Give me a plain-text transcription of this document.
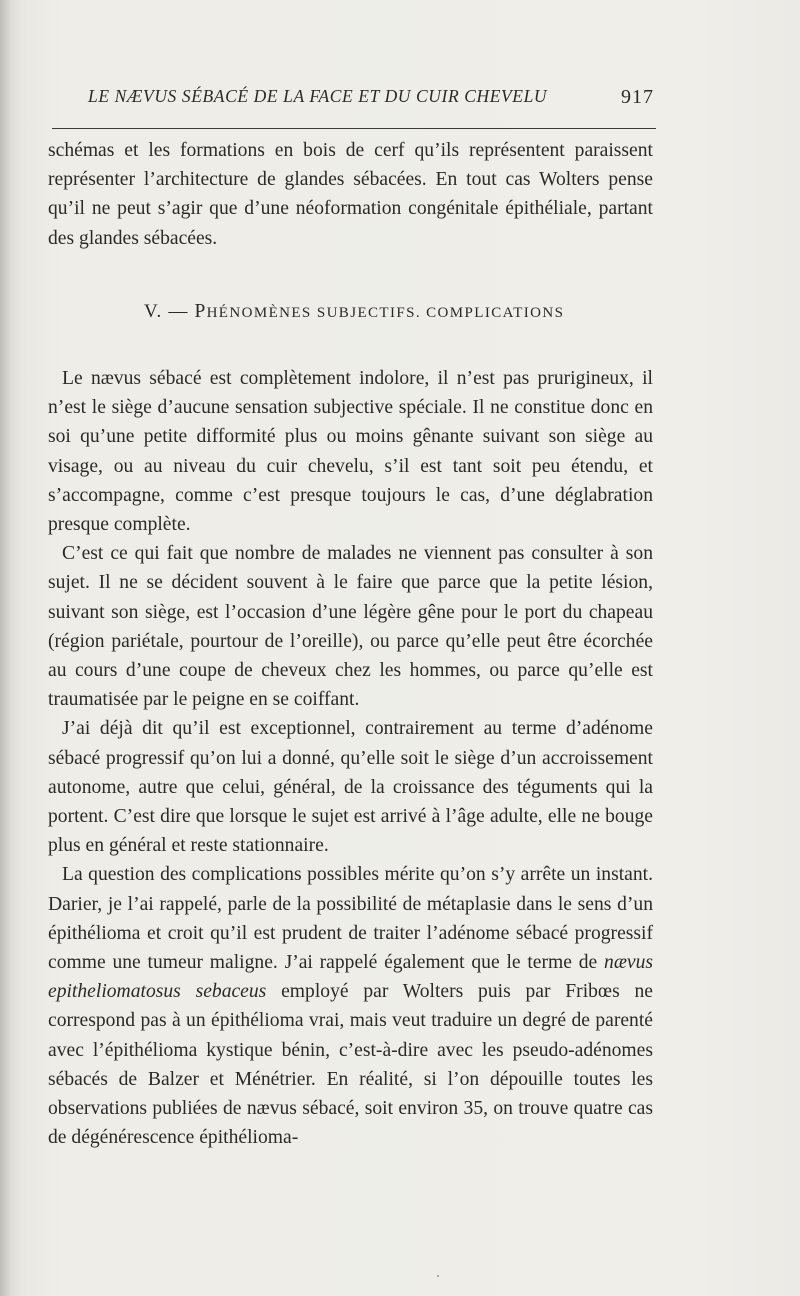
LE NÆVUS SÉBACÉ DE LA FACE ET DU CUIR CHEVELU	917

schémas et les formations en bois de cerf qu’ils représentent paraissent représenter l’architecture de glandes sébacées. En tout cas Wolters pense qu’il ne peut s’agir que d’une néoformation congénitale épithéliale, partant des glandes sébacées.

V. — PHÉNOMÈNES SUBJECTIFS. COMPLICATIONS

Le nævus sébacé est complètement indolore, il n’est pas prurigineux, il n’est le siège d’aucune sensation subjective spéciale. Il ne constitue donc en soi qu’une petite difformité plus ou moins gênante suivant son siège au visage, ou au niveau du cuir chevelu, s’il est tant soit peu étendu, et s’accompagne, comme c’est presque toujours le cas, d’une déglabration presque complète.

C’est ce qui fait que nombre de malades ne viennent pas consulter à son sujet. Il ne se décident souvent à le faire que parce que la petite lésion, suivant son siège, est l’occasion d’une légère gêne pour le port du chapeau (région pariétale, pourtour de l’oreille), ou parce qu’elle peut être écorchée au cours d’une coupe de cheveux chez les hommes, ou parce qu’elle est traumatisée par le peigne en se coiffant.

J’ai déjà dit qu’il est exceptionnel, contrairement au terme d’adénome sébacé progressif qu’on lui a donné, qu’elle soit le siège d’un accroissement autonome, autre que celui, général, de la croissance des téguments qui la portent. C’est dire que lorsque le sujet est arrivé à l’âge adulte, elle ne bouge plus en général et reste stationnaire.

La question des complications possibles mérite qu’on s’y arrête un instant. Darier, je l’ai rappelé, parle de la possibilité de métaplasie dans le sens d’un épithélioma et croit qu’il est prudent de traiter l’adénome sébacé progressif comme une tumeur maligne. J’ai rappelé également que le terme de nævus epitheliomatosus sebaceus employé par Wolters puis par Fribœs ne correspond pas à un épithélioma vrai, mais veut traduire un degré de parenté avec l’épithélioma kystique bénin, c’est-à-dire avec les pseudo-adénomes sébacés de Balzer et Ménétrier. En réalité, si l’on dépouille toutes les observations publiées de nævus sébacé, soit environ 35, on trouve quatre cas de dégénérescence épithélioma-
